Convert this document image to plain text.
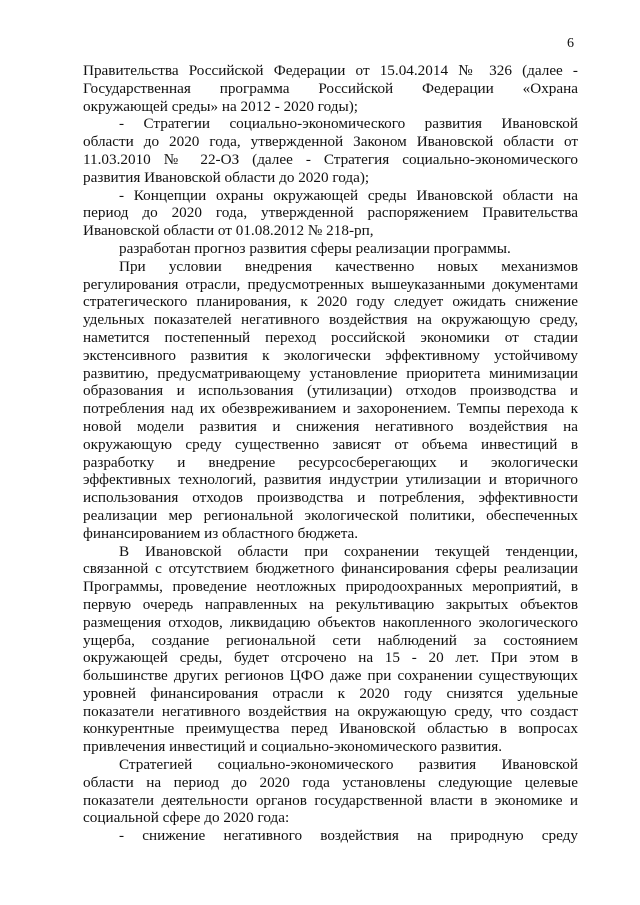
6
Правительства Российской Федерации от 15.04.2014 № 326 (далее -
Государственная программа Российской Федерации «Охрана
окружающей среды» на 2012 - 2020 годы);
- Стратегии социально-экономического развития Ивановской
области до 2020 года, утвержденной Законом Ивановской области от
11.03.2010 № 22-ОЗ (далее - Стратегия социально-экономического
развития Ивановской области до 2020 года);
- Концепции охраны окружающей среды Ивановской области на
период до 2020 года, утвержденной распоряжением Правительства
Ивановской области от 01.08.2012 № 218-рп,
разработан прогноз развития сферы реализации программы.
При условии внедрения качественно новых механизмов
регулирования отрасли, предусмотренных вышеуказанными документами
стратегического планирования, к 2020 году следует ожидать снижение
удельных показателей негативного воздействия на окружающую среду,
наметится постепенный переход российской экономики от стадии
экстенсивного развития к экологически эффективному устойчивому
развитию, предусматривающему установление приоритета минимизации
образования и использования (утилизации) отходов производства и
потребления над их обезвреживанием и захоронением. Темпы перехода к
новой модели развития и снижения негативного воздействия на
окружающую среду существенно зависят от объема инвестиций в
разработку и внедрение ресурсосберегающих и экологически
эффективных технологий, развития индустрии утилизации и вторичного
использования отходов производства и потребления, эффективности
реализации мер региональной экологической политики, обеспеченных
финансированием из областного бюджета.
В Ивановской области при сохранении текущей тенденции,
связанной с отсутствием бюджетного финансирования сферы реализации
Программы, проведение неотложных природоохранных мероприятий, в
первую очередь направленных на рекультивацию закрытых объектов
размещения отходов, ликвидацию объектов накопленного экологического
ущерба, создание региональной сети наблюдений за состоянием
окружающей среды, будет отсрочено на 15 - 20 лет. При этом в
большинстве других регионов ЦФО даже при сохранении существующих
уровней финансирования отрасли к 2020 году снизятся удельные
показатели негативного воздействия на окружающую среду, что создаст
конкурентные преимущества перед Ивановской областью в вопросах
привлечения инвестиций и социально-экономического развития.
Стратегией социально-экономического развития Ивановской
области на период до 2020 года установлены следующие целевые
показатели деятельности органов государственной власти в экономике и
социальной сфере до 2020 года:
- снижение негативного воздействия на природную среду
